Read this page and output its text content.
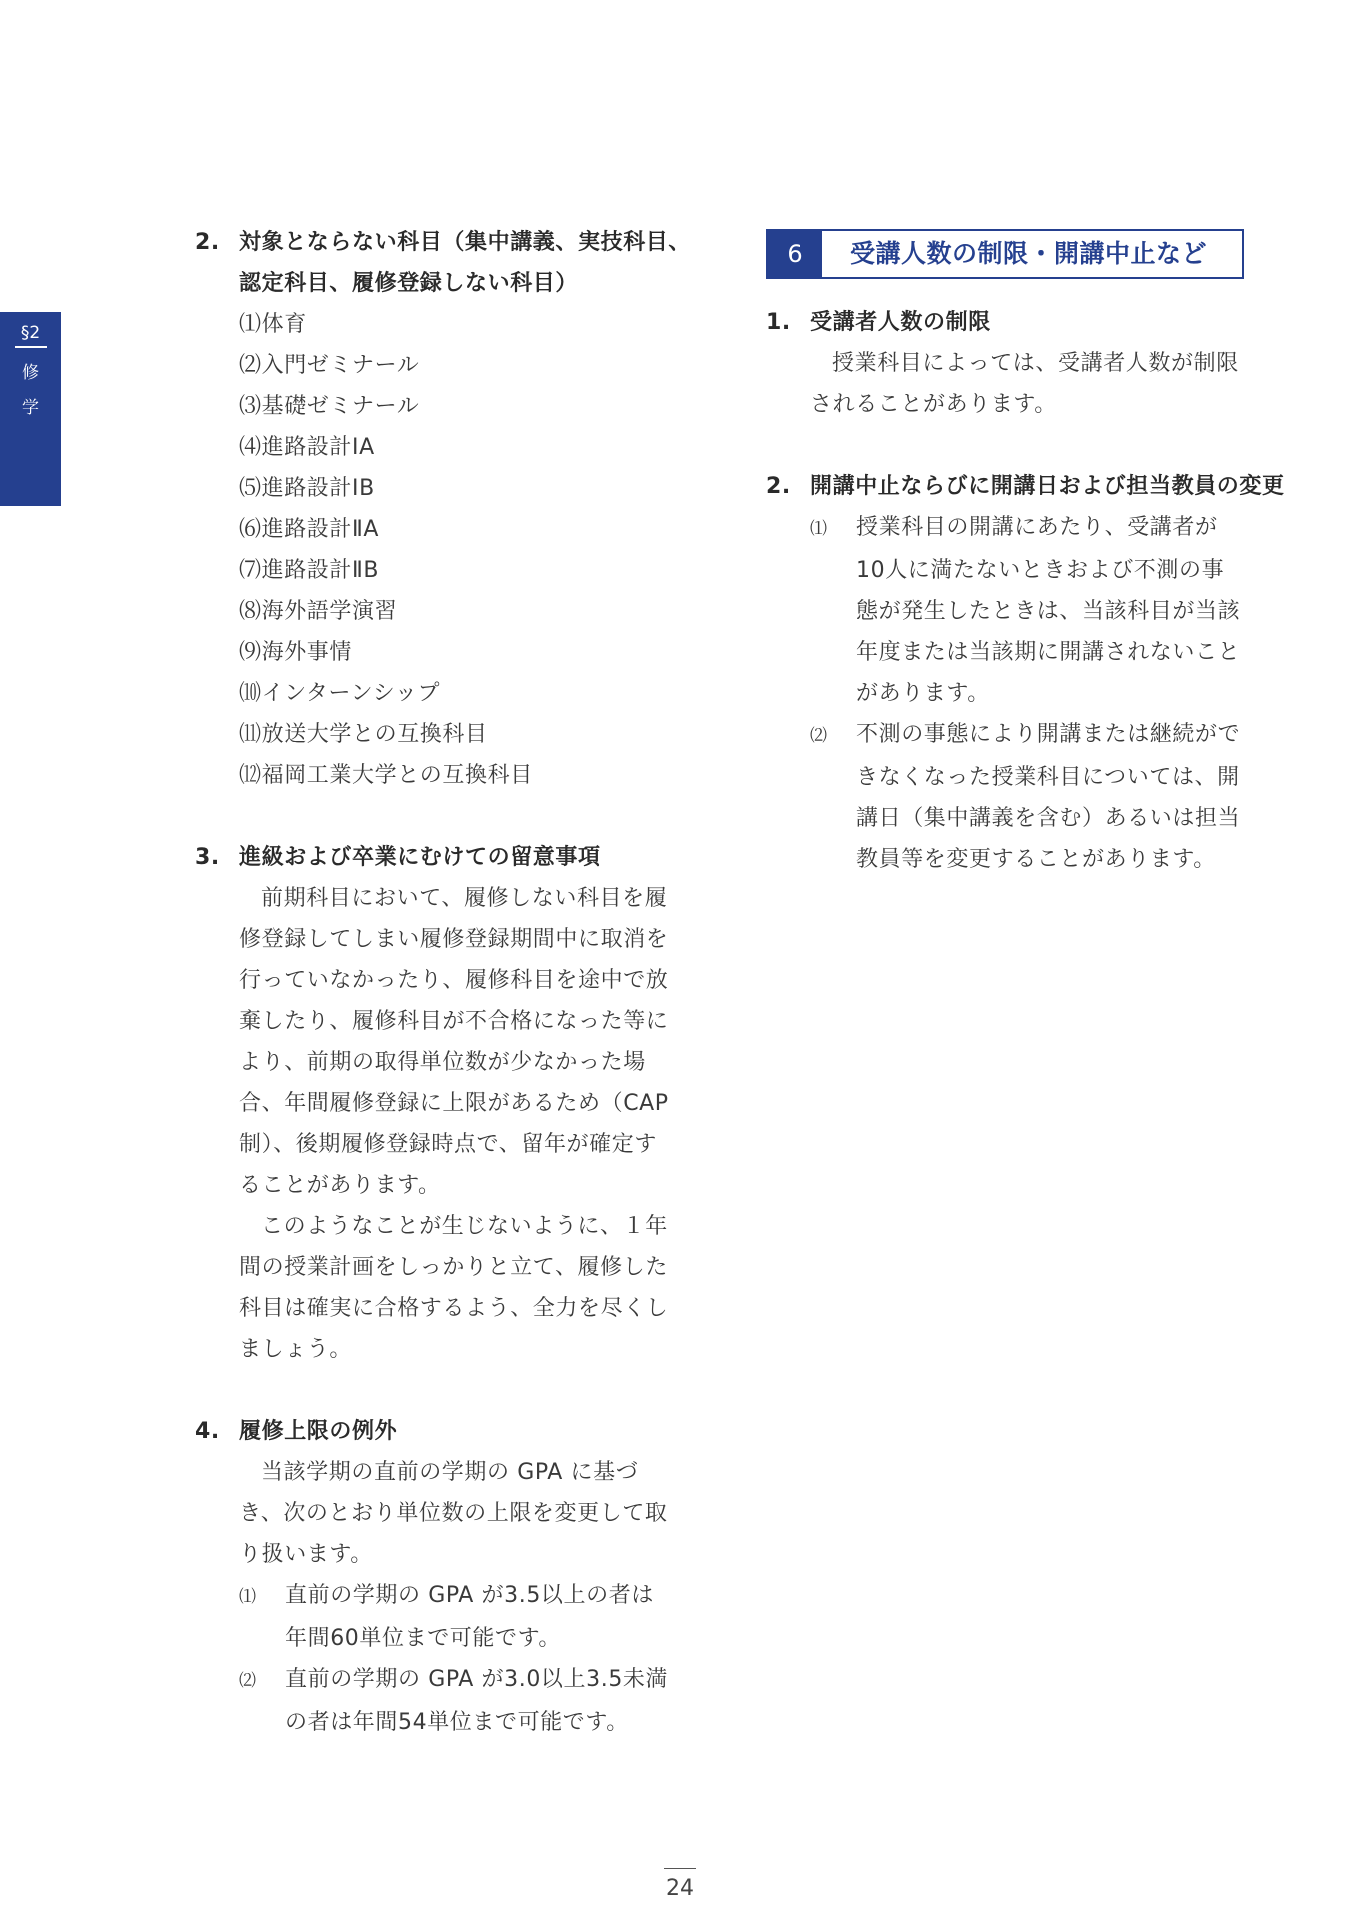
§2
修
学
2. 対象とならない科目（集中講義、実技科目、
認定科目、履修登録しない科目）
⑴体育
⑵入門ゼミナール
⑶基礎ゼミナール
⑷進路設計ⅠA
⑸進路設計ⅠB
⑹進路設計ⅡA
⑺進路設計ⅡB
⑻海外語学演習
⑼海外事情
⑽インターンシップ
⑾放送大学との互換科目
⑿福岡工業大学との互換科目
3. 進級および卒業にむけての留意事項
前期科目において、履修しない科目を履
修登録してしまい履修登録期間中に取消を
行っていなかったり、履修科目を途中で放
棄したり、履修科目が不合格になった等に
より、前期の取得単位数が少なかった場
合、年間履修登録に上限があるため（CAP
制）、後期履修登録時点で、留年が確定す
ることがあります。
このようなことが生じないように、１年
間の授業計画をしっかりと立て、履修した
科目は確実に合格するよう、全力を尽くし
ましょう。
4. 履修上限の例外
当該学期の直前の学期の GPA に基づ
き、次のとおり単位数の上限を変更して取
り扱います。
⑴ 直前の学期の GPA が3.5以上の者は
年間60単位まで可能です。
⑵ 直前の学期の GPA が3.0以上3.5未満
の者は年間54単位まで可能です。
6	受講人数の制限・開講中止など
1. 受講者人数の制限
授業科目によっては、受講者人数が制限
されることがあります。
2. 開講中止ならびに開講日および担当教員の変更
⑴ 授業科目の開講にあたり、受講者が
10人に満たないときおよび不測の事
態が発生したときは、当該科目が当該
年度または当該期に開講されないこと
があります。
⑵ 不測の事態により開講または継続がで
きなくなった授業科目については、開
講日（集中講義を含む）あるいは担当
教員等を変更することがあります。
24
